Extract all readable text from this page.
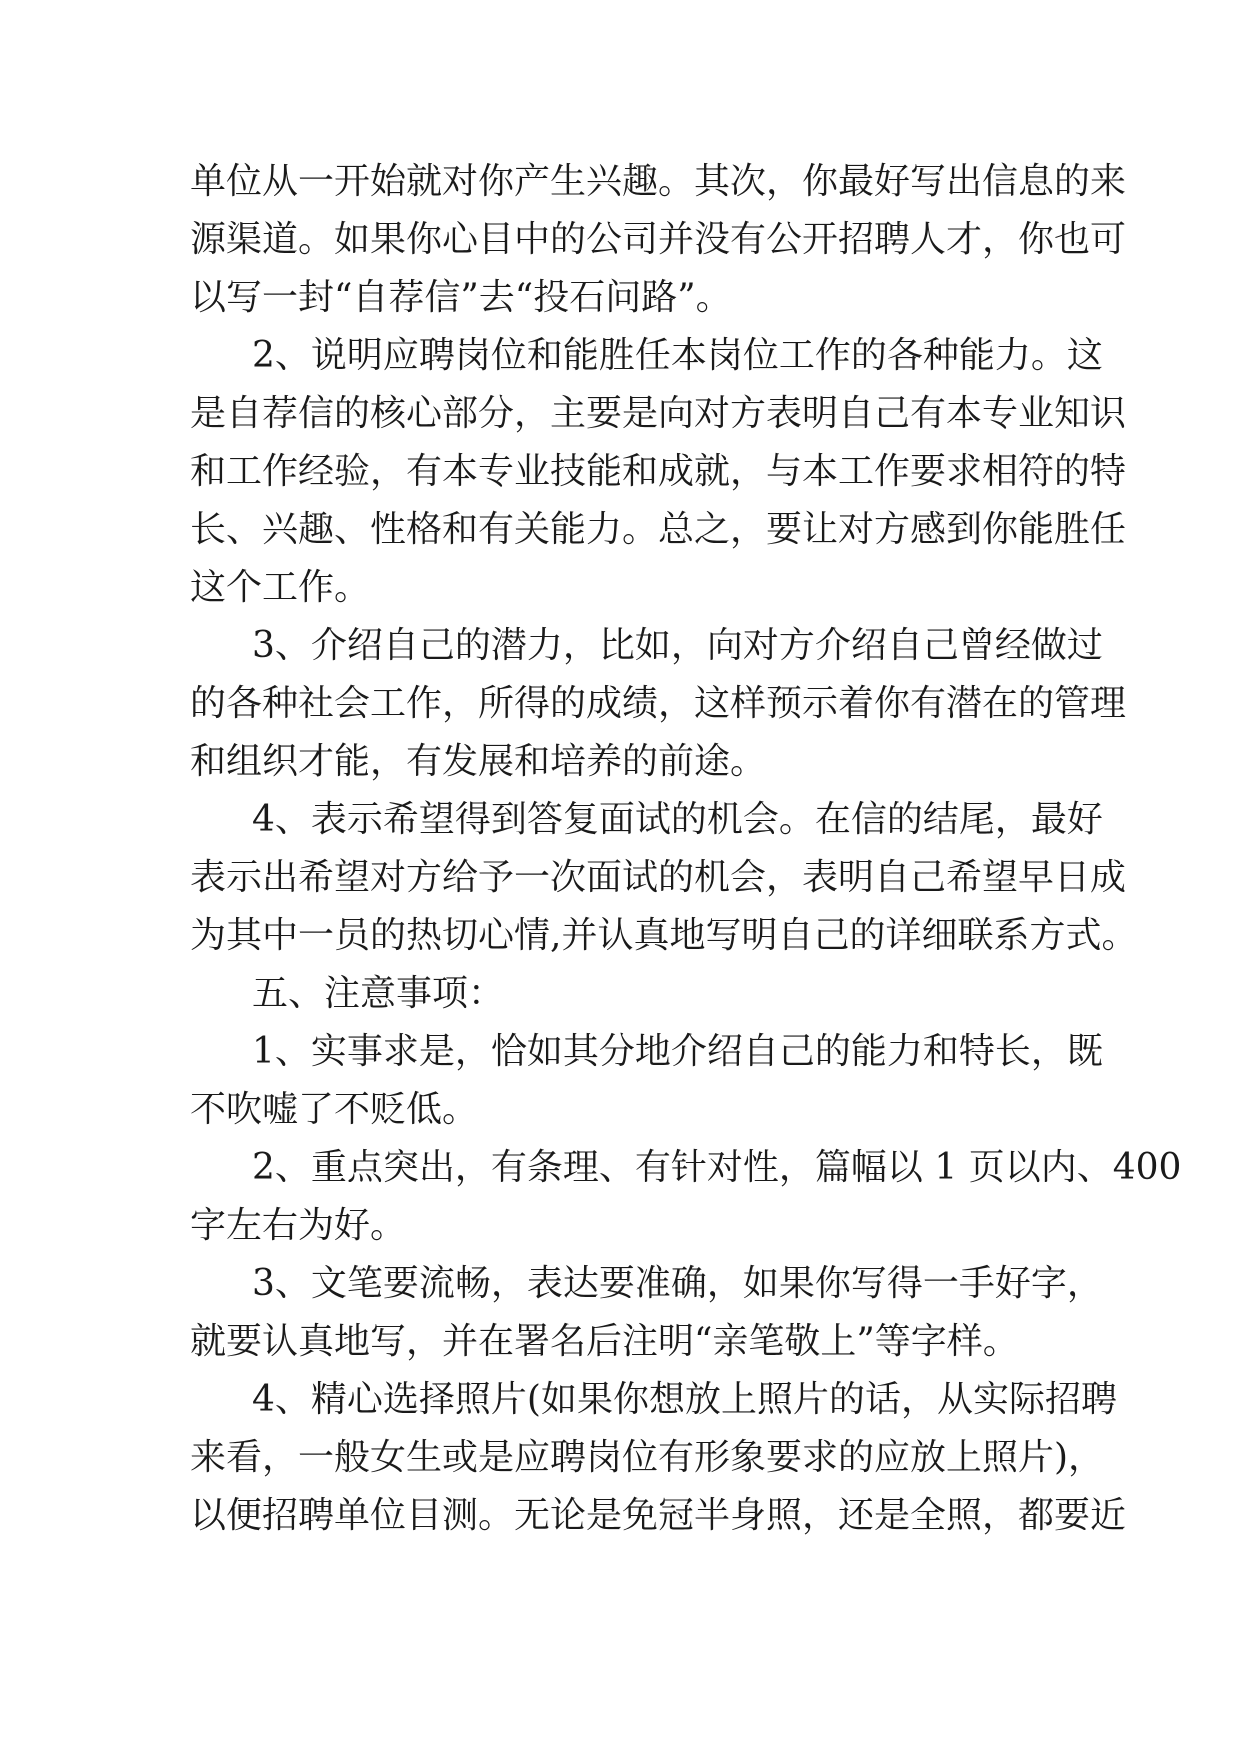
单位从一开始就对你产生兴趣。其次，你最好写出信息的来
源渠道。如果你心目中的公司并没有公开招聘人才，你也可
以写一封“自荐信”去“投石问路”。
2、说明应聘岗位和能胜任本岗位工作的各种能力。这
是自荐信的核心部分，主要是向对方表明自己有本专业知识
和工作经验，有本专业技能和成就，与本工作要求相符的特
长、兴趣、性格和有关能力。总之，要让对方感到你能胜任
这个工作。
3、介绍自己的潜力，比如，向对方介绍自己曾经做过
的各种社会工作，所得的成绩，这样预示着你有潜在的管理
和组织才能，有发展和培养的前途。
4、表示希望得到答复面试的机会。在信的结尾，最好
表示出希望对方给予一次面试的机会，表明自己希望早日成
为其中一员的热切心情,并认真地写明自己的详细联系方式。
五、注意事项：
1、实事求是，恰如其分地介绍自己的能力和特长，既
不吹嘘了不贬低。
2、重点突出，有条理、有针对性，篇幅以 1 页以内、400
字左右为好。
3、文笔要流畅，表达要准确，如果你写得一手好字，
就要认真地写，并在署名后注明“亲笔敬上”等字样。
4、精心选择照片(如果你想放上照片的话，从实际招聘
来看，一般女生或是应聘岗位有形象要求的应放上照片)，
以便招聘单位目测。无论是免冠半身照，还是全照，都要近
